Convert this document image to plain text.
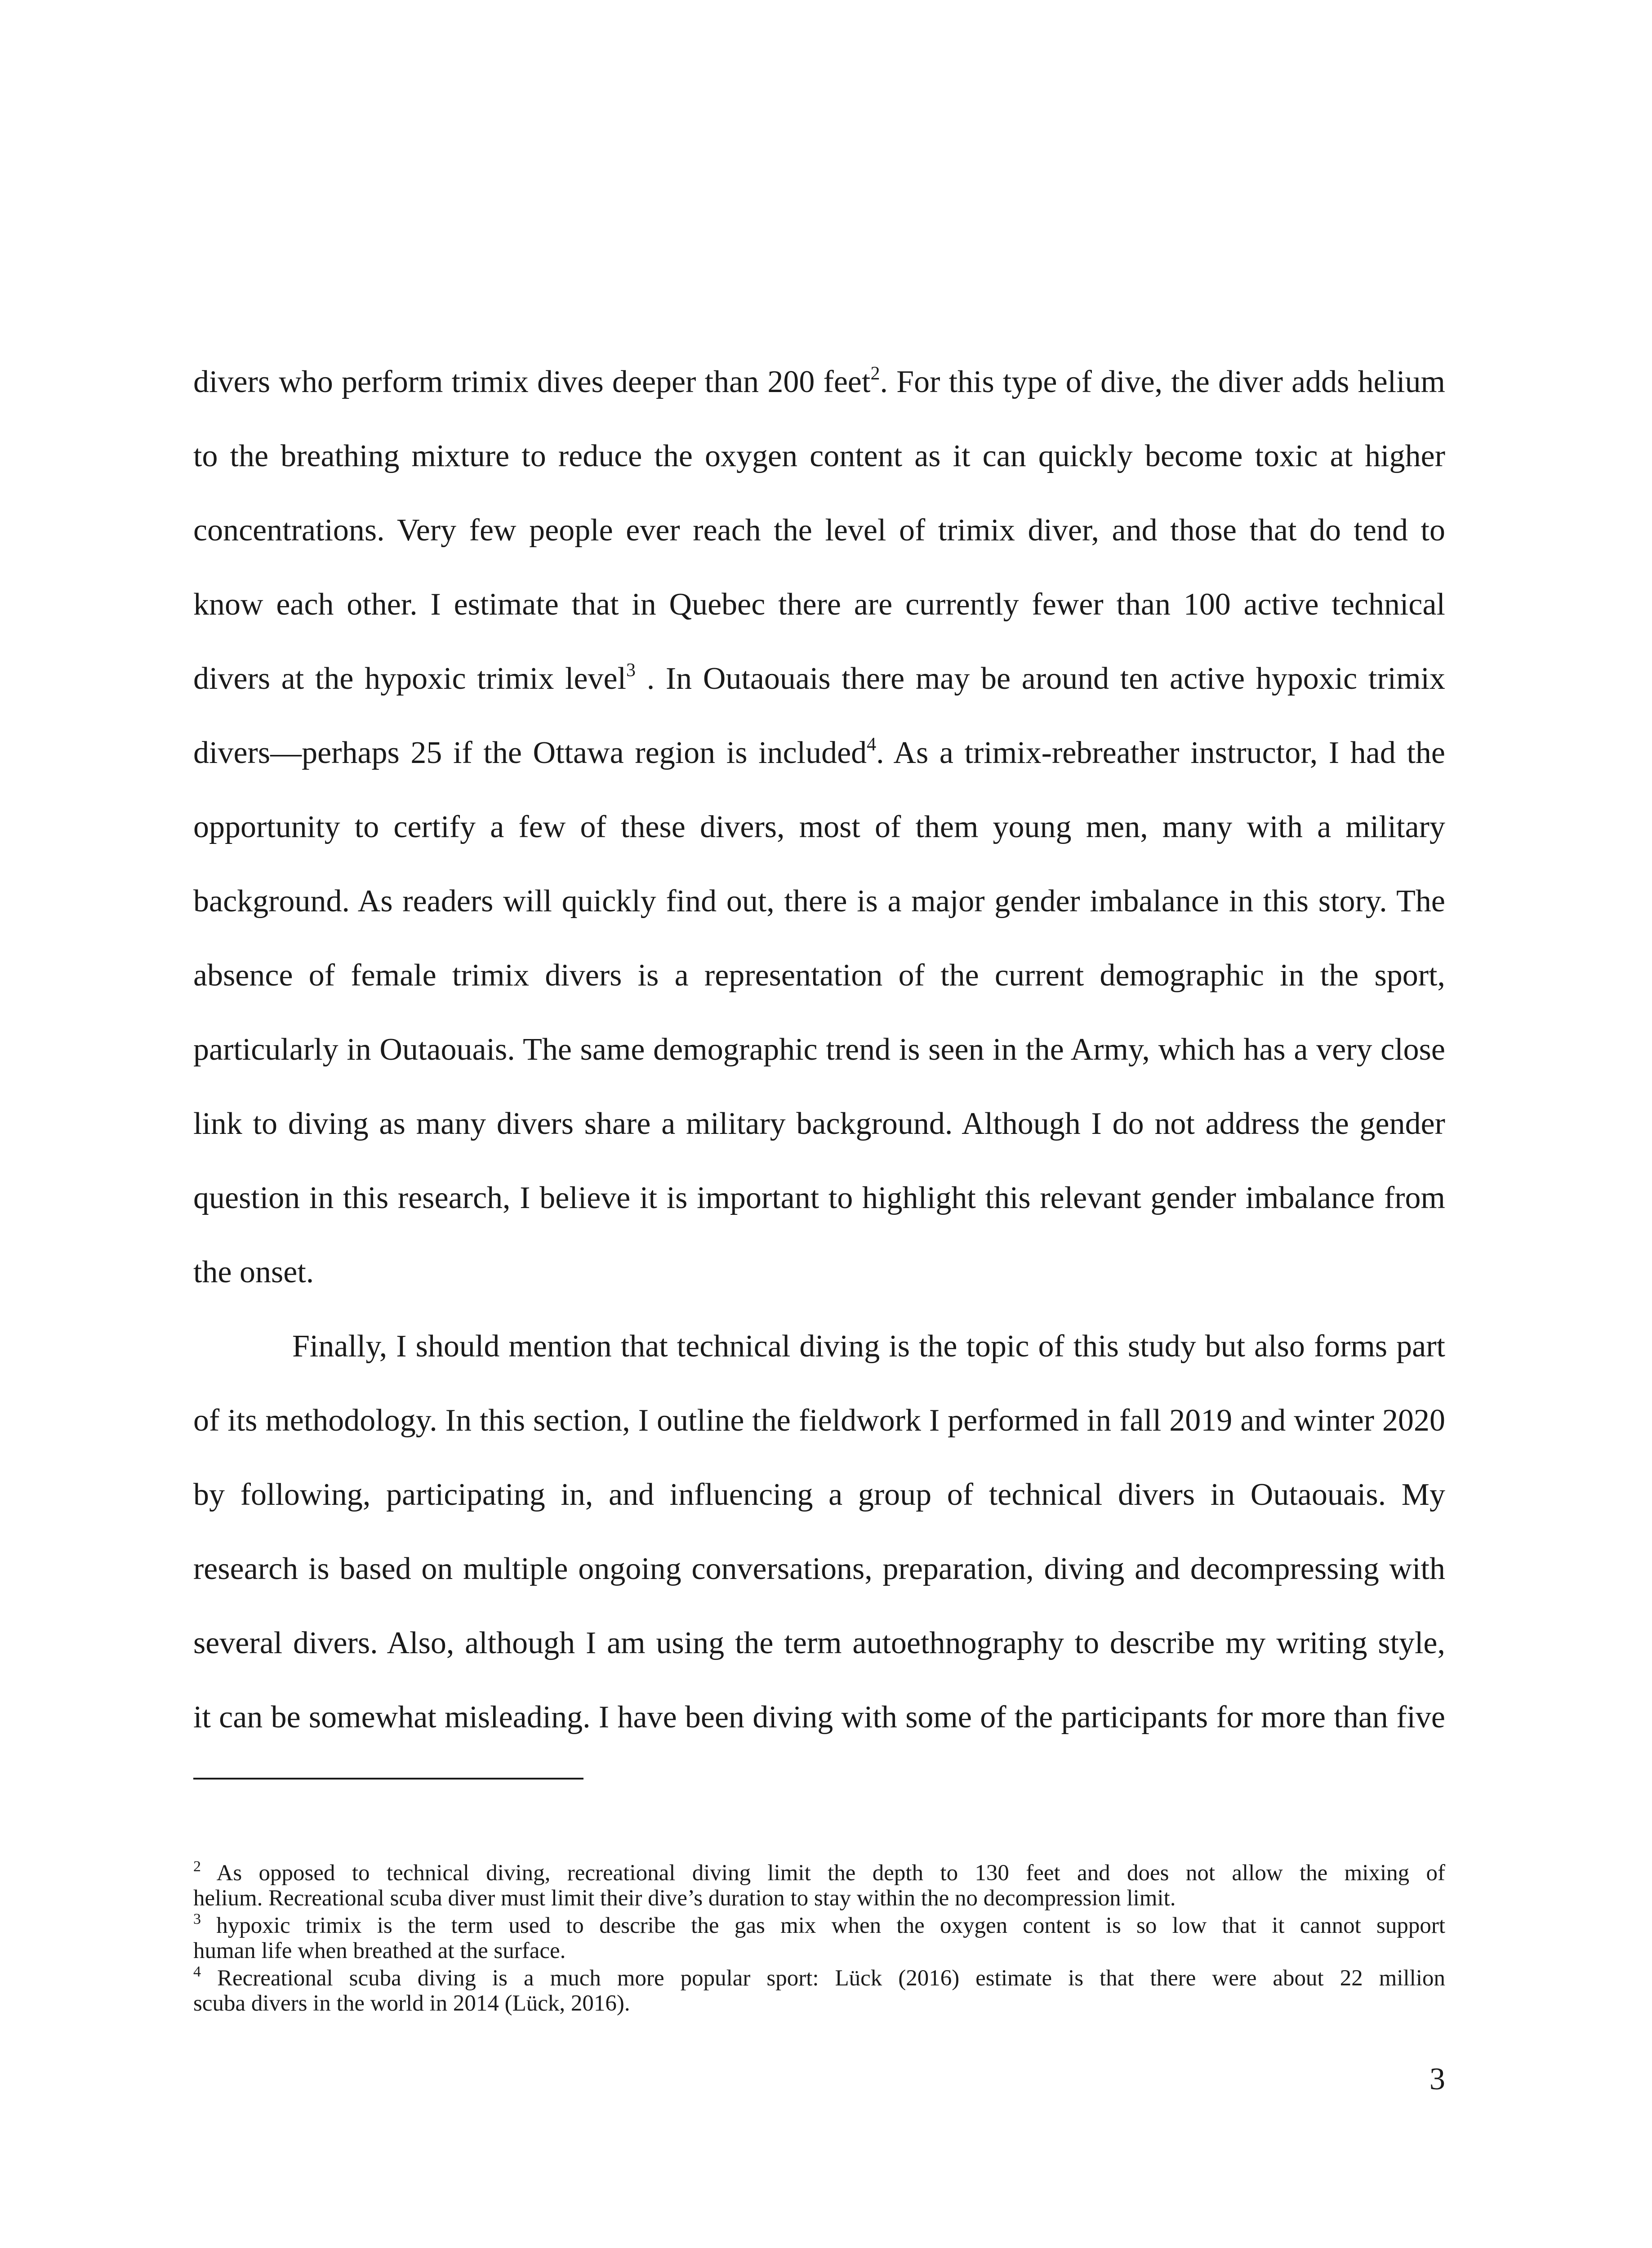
divers who perform trimix dives deeper than 200 feet$^2$. For this type of dive, the diver adds helium
to the breathing mixture to reduce the oxygen content as it can quickly become toxic at higher
concentrations. Very few people ever reach the level of trimix diver, and those that do tend to
know each other. I estimate that in Quebec there are currently fewer than 100 active technical
divers at the hypoxic trimix level$^3$ . In Outaouais there may be around ten active hypoxic trimix
divers—perhaps 25 if the Ottawa region is included$^4$. As a trimix-rebreather instructor, I had the
opportunity to certify a few of these divers, most of them young men, many with a military
background. As readers will quickly find out, there is a major gender imbalance in this story. The
absence of female trimix divers is a representation of the current demographic in the sport,
particularly in Outaouais. The same demographic trend is seen in the Army, which has a very close
link to diving as many divers share a military background. Although I do not address the gender
question in this research, I believe it is important to highlight this relevant gender imbalance from
the onset.
Finally, I should mention that technical diving is the topic of this study but also forms part
of its methodology. In this section, I outline the fieldwork I performed in fall 2019 and winter 2020
by following, participating in, and influencing a group of technical divers in Outaouais. My
research is based on multiple ongoing conversations, preparation, diving and decompressing with
several divers. Also, although I am using the term autoethnography to describe my writing style,
it can be somewhat misleading. I have been diving with some of the participants for more than five
$^2$ As opposed to technical diving, recreational diving limit the depth to 130 feet and does not allow the mixing of
helium. Recreational scuba diver must limit their dive’s duration to stay within the no decompression limit.
$^3$ hypoxic trimix is the term used to describe the gas mix when the oxygen content is so low that it cannot support
human life when breathed at the surface.
$^4$ Recreational scuba diving is a much more popular sport: Lück (2016) estimate is that there were about 22 million
scuba divers in the world in 2014 (Lück, 2016).
3
